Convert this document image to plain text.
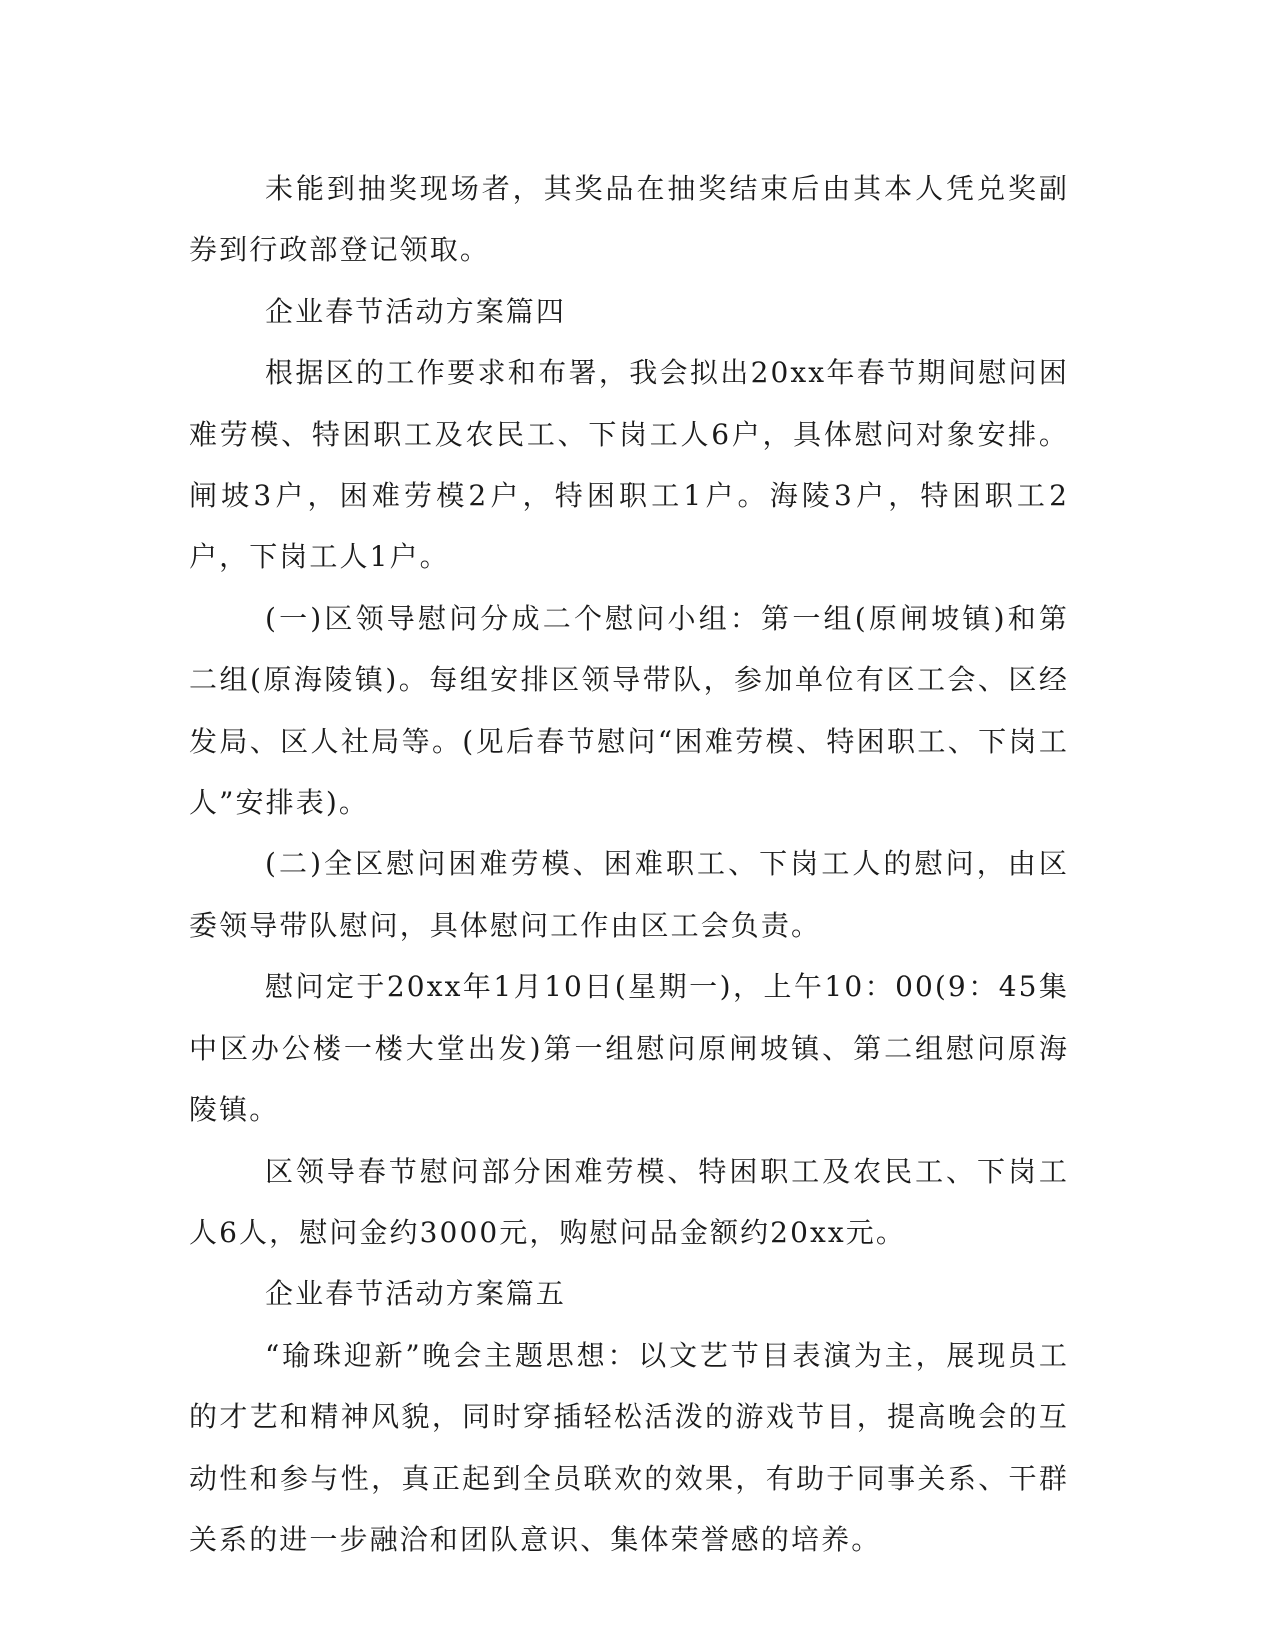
未能到抽奖现场者，其奖品在抽奖结束后由其本人凭兑奖副券到行政部登记领取。

企业春节活动方案篇四

根据区的工作要求和布署，我会拟出20xx年春节期间慰问困难劳模、特困职工及农民工、下岗工人6户，具体慰问对象安排。闸坡3户，困难劳模2户，特困职工1户。海陵3户，特困职工2户，下岗工人1户。

(一)区领导慰问分成二个慰问小组：第一组(原闸坡镇)和第二组(原海陵镇)。每组安排区领导带队，参加单位有区工会、区经发局、区人社局等。(见后春节慰问“困难劳模、特困职工、下岗工人”安排表)。

(二)全区慰问困难劳模、困难职工、下岗工人的慰问，由区委领导带队慰问，具体慰问工作由区工会负责。

慰问定于20xx年1月10日(星期一)，上午10：00(9：45集中区办公楼一楼大堂出发)第一组慰问原闸坡镇、第二组慰问原海陵镇。

区领导春节慰问部分困难劳模、特困职工及农民工、下岗工人6人，慰问金约3000元，购慰问品金额约20xx元。

企业春节活动方案篇五

“瑜珠迎新”晚会主题思想：以文艺节目表演为主，展现员工的才艺和精神风貌，同时穿插轻松活泼的游戏节目，提高晚会的互动性和参与性，真正起到全员联欢的效果，有助于同事关系、干群关系的进一步融洽和团队意识、集体荣誉感的培养。
